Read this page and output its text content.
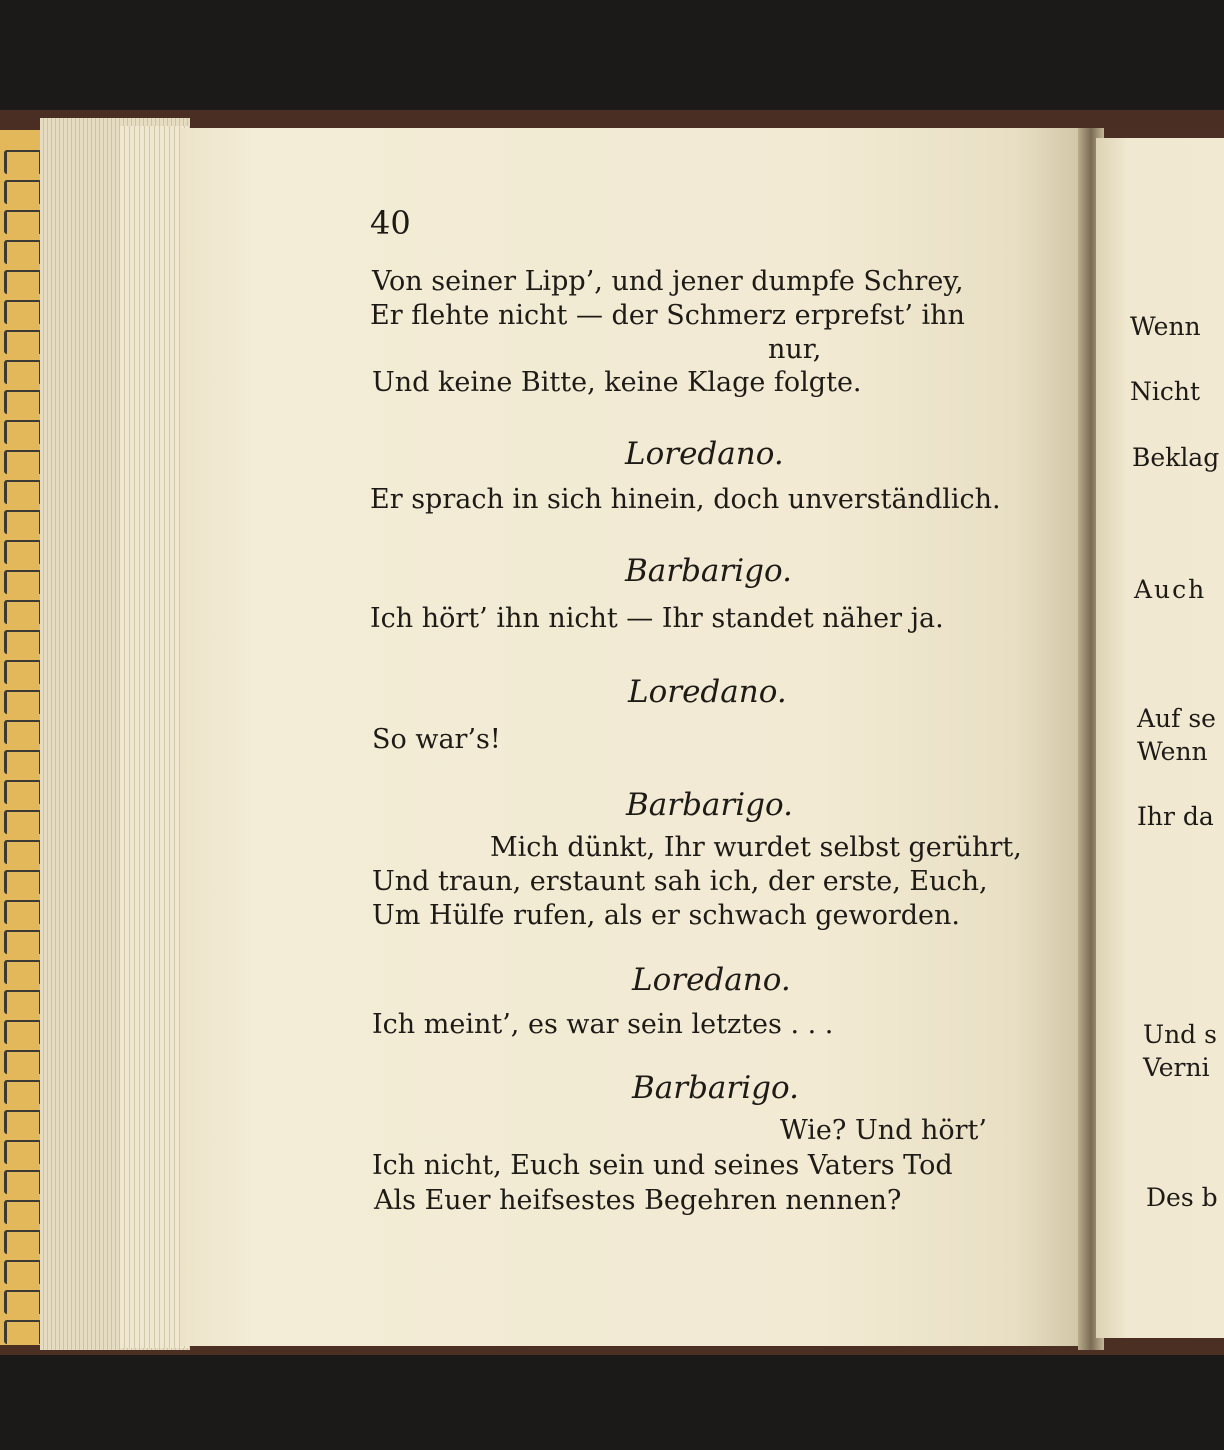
40
Von seiner Lipp’, und jener dumpfe Schrey,
Er flehte nicht — der Schmerz erprefst’ ihn
nur,
Und keine Bitte, keine Klage folgte.
Loredano.
Er sprach in sich hinein, doch unverständlich.
Barbarigo.
Ich hört’ ihn nicht — Ihr standet näher ja.
Loredano.
So war’s!
Barbarigo.
Mich dünkt, Ihr wurdet selbst gerührt,
Und traun, erstaunt sah ich, der erste, Euch,
Um Hülfe rufen, als er schwach geworden.
Loredano.
Ich meint’, es war sein letztes . . .
Barbarigo.
Wie? Und hört’
Ich nicht, Euch sein und seines Vaters Tod
Als Euer heifsestes Begehren nennen?
Wenn
Nicht
Beklag
Auch
Auf se
Wenn
Ihr da
Und s
Verni
Des b
